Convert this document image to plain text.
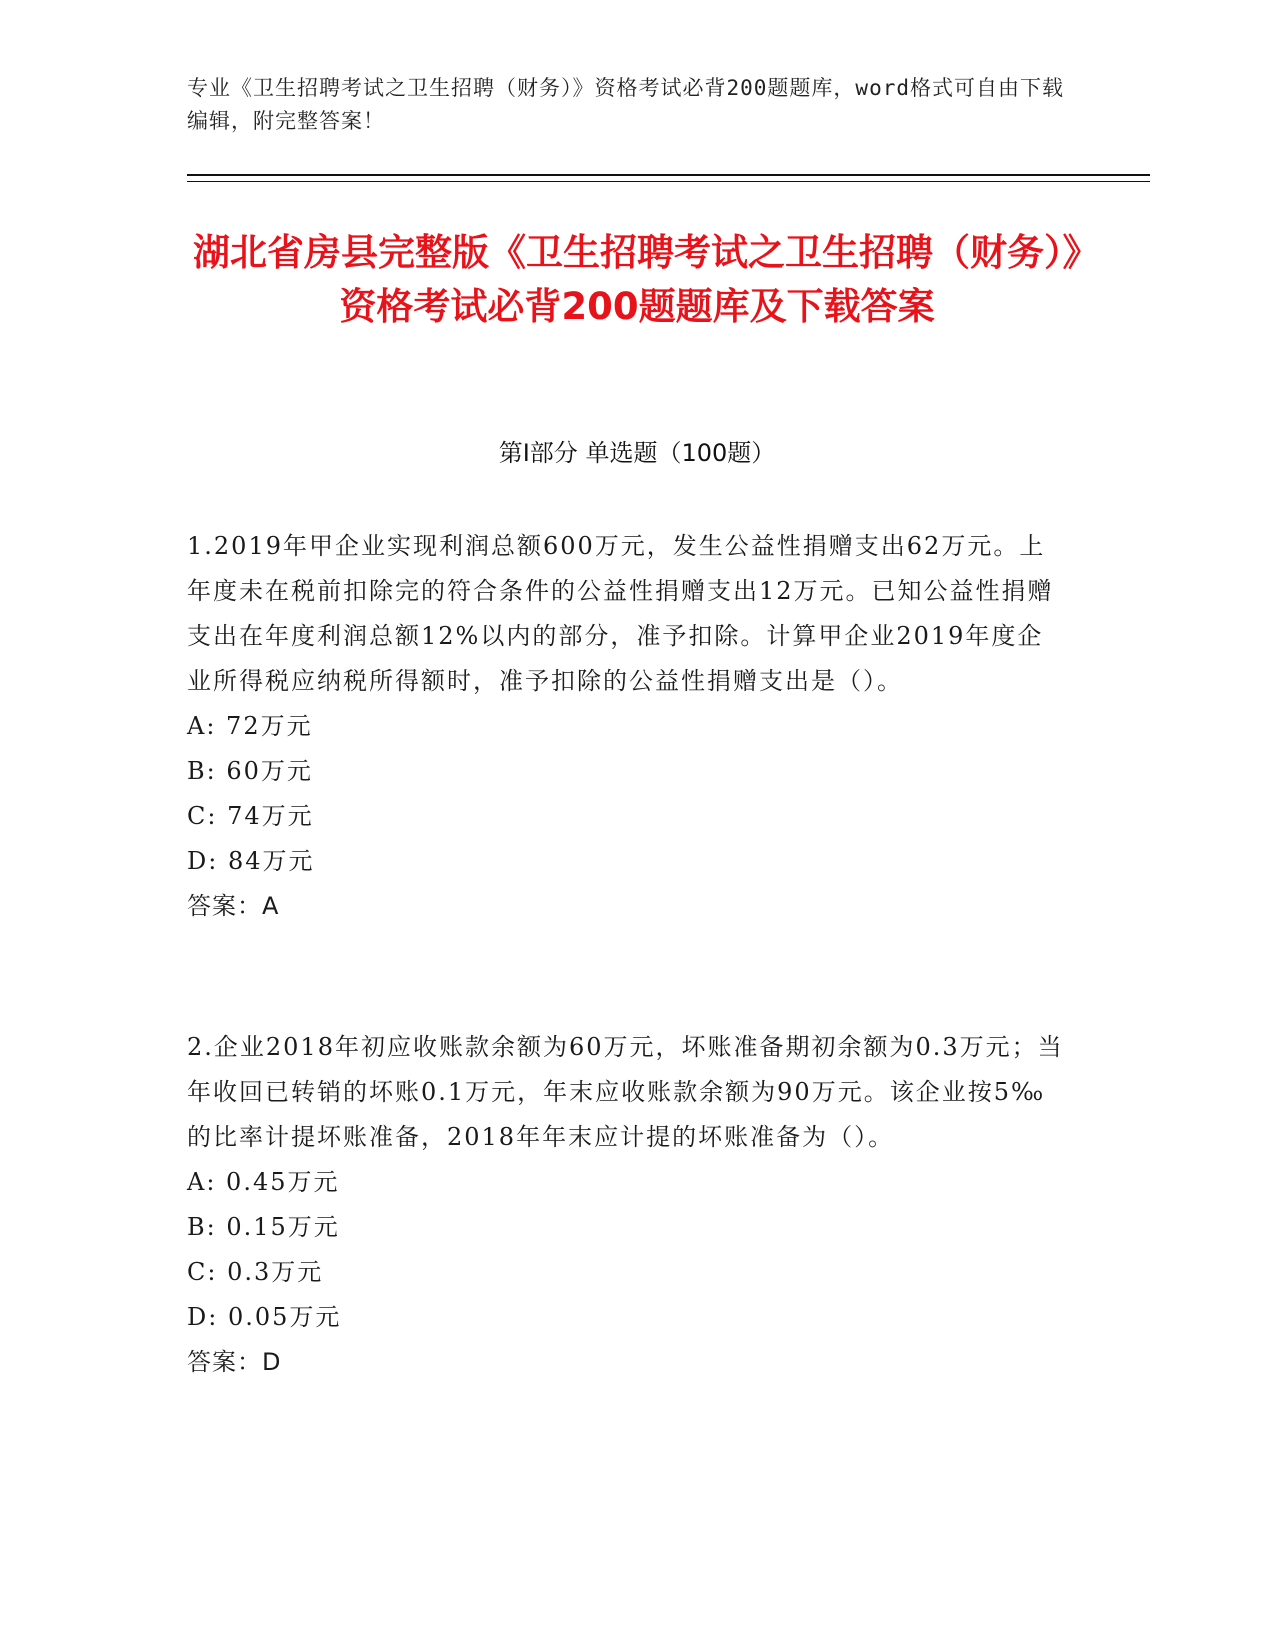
专业《卫生招聘考试之卫生招聘（财务）》资格考试必背200题题库，word格式可自由下载编辑，附完整答案！
湖北省房县完整版《卫生招聘考试之卫生招聘（财务）》资格考试必背200题题库及下载答案
第I部分 单选题（100题）

1.2019年甲企业实现利润总额600万元，发生公益性捐赠支出62万元。上年度未在税前扣除完的符合条件的公益性捐赠支出12万元。已知公益性捐赠支出在年度利润总额12%以内的部分，准予扣除。计算甲企业2019年度企业所得税应纳税所得额时，准予扣除的公益性捐赠支出是（）。

A: 72万元

B: 60万元

C: 74万元

D: 84万元

答案：A

2.企业2018年初应收账款余额为60万元，坏账准备期初余额为0.3万元；当年收回已转销的坏账0.1万元，年末应收账款余额为90万元。该企业按5‰的比率计提坏账准备，2018年年末应计提的坏账准备为（）。

A: 0.45万元

B: 0.15万元

C: 0.3万元

D: 0.05万元

答案：D
